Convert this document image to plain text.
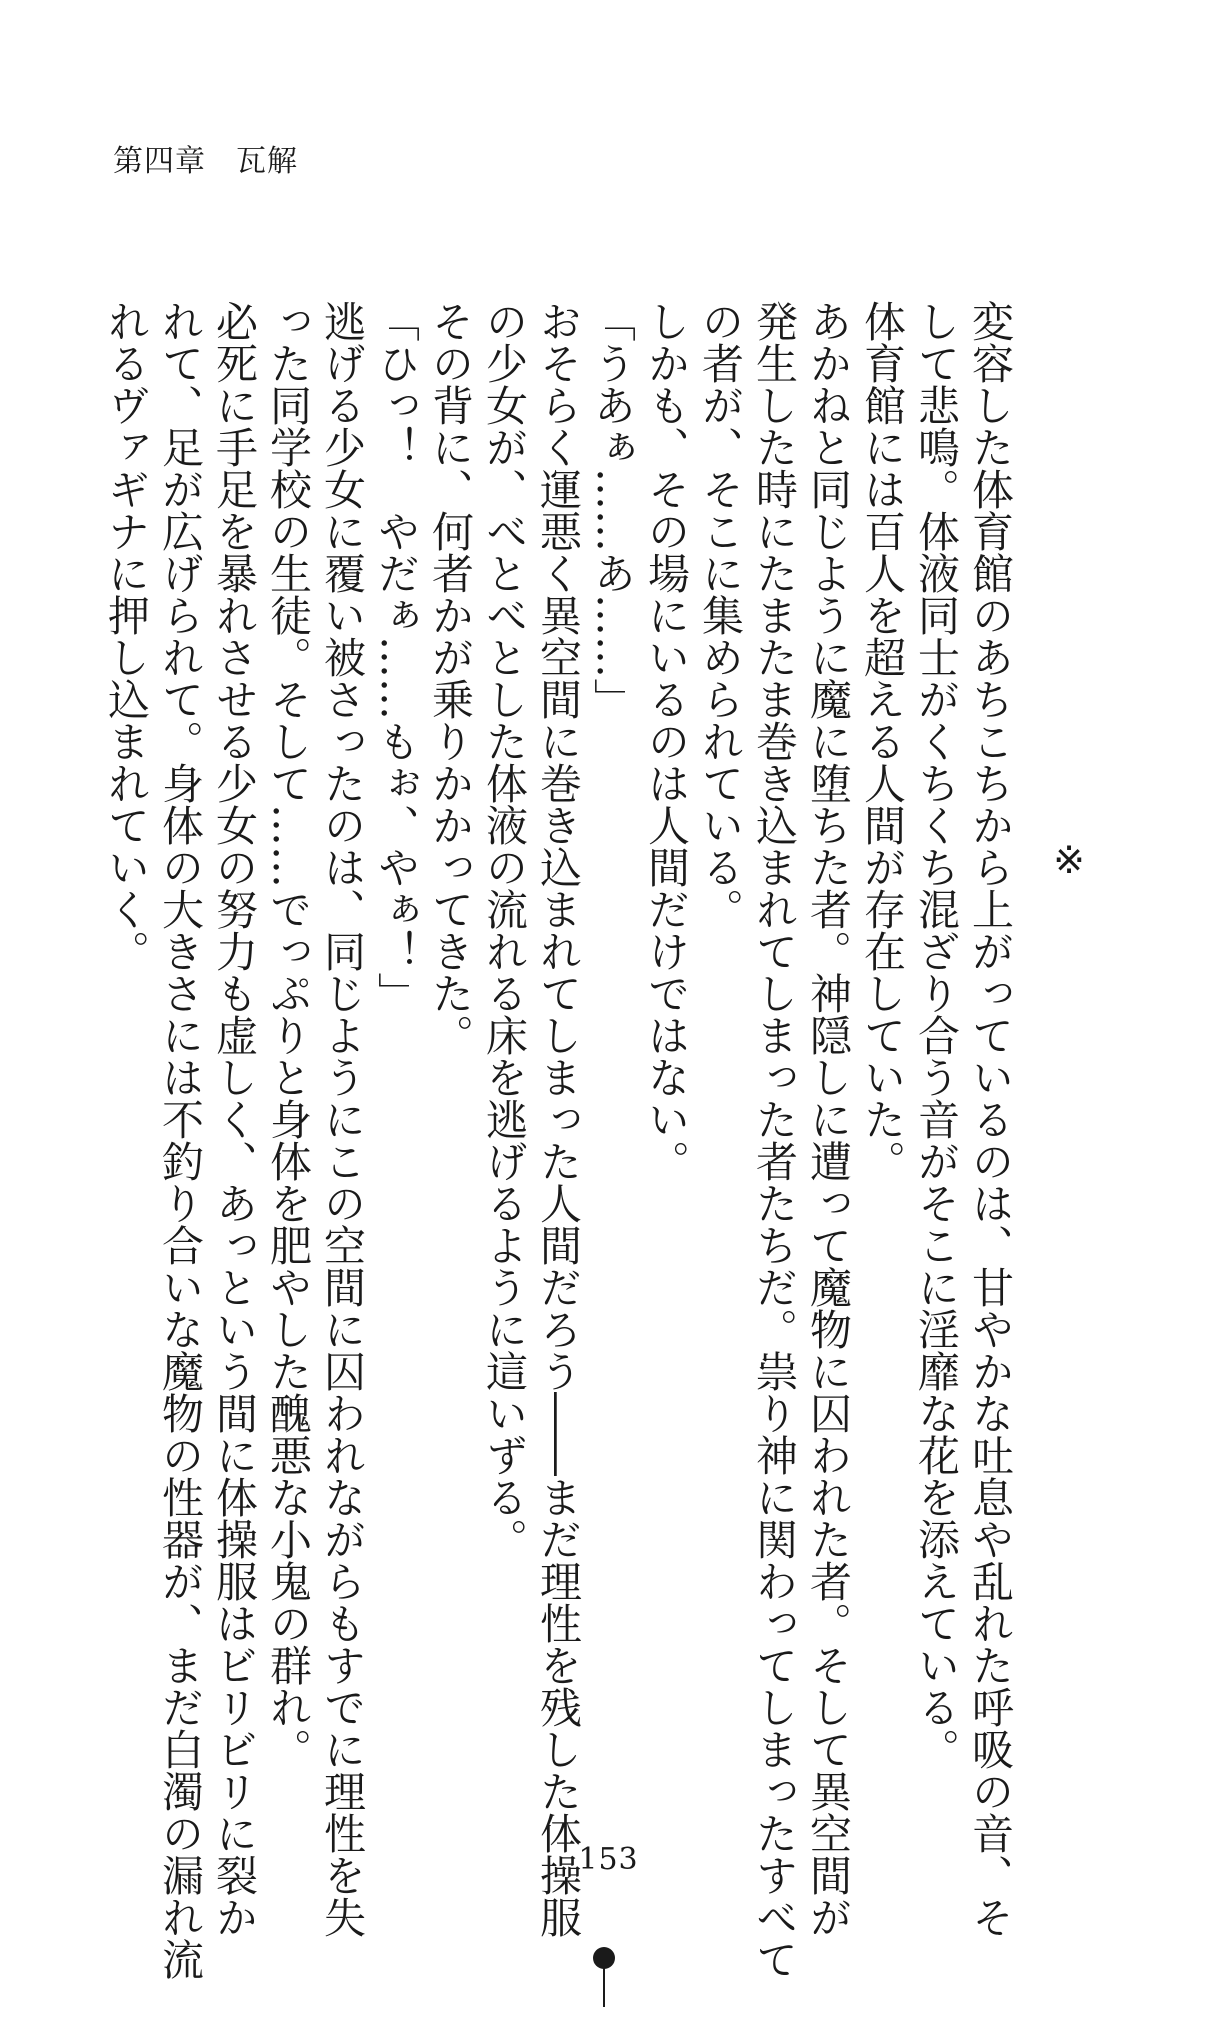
第四章 瓦解
※

変容した体育館のあちこちから上がっているのは、甘やかな吐息や乱れた呼吸の音、そ

して悲鳴。体液同士がくちくち混ざり合う音がそこに淫靡な花を添えている。

体育館には百人を超える人間が存在していた。

あかねと同じように魔に堕ちた者。神隠しに遭って魔物に囚われた者。そして異空間が

発生した時にたまたま巻き込まれてしまった者たちだ。祟り神に関わってしまったすべて

の者が、そこに集められている。

しかも、その場にいるのは人間だけではない。

「うあぁ……あ……」

おそらく運悪く異空間に巻き込まれてしまった人間だろう――まだ理性を残した体操服

の少女が、べとべとした体液の流れる床を逃げるように這いずる。

その背に、何者かが乗りかかってきた。

「ひっ！　やだぁ……もぉ、やぁ！」

逃げる少女に覆い被さったのは、同じようにこの空間に囚われながらもすでに理性を失

った同学校の生徒。そして……でっぷりと身体を肥やした醜悪な小鬼の群れ。

必死に手足を暴れさせる少女の努力も虚しく、あっという間に体操服はビリビリに裂か

れて、足が広げられて。身体の大きさには不釣り合いな魔物の性器が、まだ白濁の漏れ流

れるヴァギナに押し込まれていく。

153
